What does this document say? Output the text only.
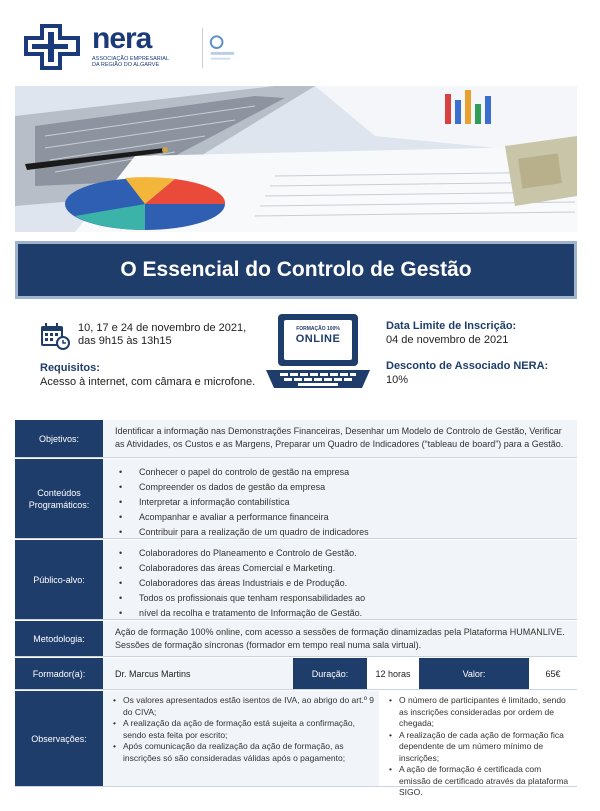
nera
ASSOCIAÇÃO EMPRESARIAL
DA REGIÃO DO ALGARVE
O Essencial do Controlo de Gestão
10, 17 e 24 de novembro de 2021,
das 9h15 às 13h15
Requisitos:
Acesso à internet, com câmara e microfone.
FORMAÇÃO 100%
ONLINE
Data Limite de Inscrição:
04 de novembro de 2021
Desconto de Associado NERA:
10%
Objetivos:

Identificar a informação nas Demonstrações Financeiras, Desenhar um Modelo de Controlo de Gestão, Verificar as Atividades, os Custos e as Margens, Preparar um Quadro de Indicadores (“tableau de board”) para a Gestão.

Conteúdos
Programáticos:
• Conhecer o papel do controlo de gestão na empresa
• Compreender os dados de gestão da empresa
• Interpretar a informação contabilística
• Acompanhar e avaliar a performance financeira
• Contribuir para a realização de um quadro de indicadores
Público-alvo:
• Colaboradores do Planeamento e Controlo de Gestão.
• Colaboradores das áreas Comercial e Marketing.
• Colaboradores das áreas Industriais e de Produção.
• Todos os profissionais que tenham responsabilidades ao
• nível da recolha e tratamento de Informação de Gestão.
Metodologia:

Ação de formação 100% online, com acesso a sessões de formação dinamizadas pela Plataforma HUMANLIVE.
Sessões de formação síncronas (formador em tempo real numa sala virtual).

Formador(a):	Dr. Marcus Martins	Duração:	12 horas	Valor:	65€
Observações:
• Os valores apresentados estão isentos de IVA, ao abrigo do art.º 9 do CIVA;
• A realização da ação de formação está sujeita a confirmação, sendo esta feita por escrito;
• Após comunicação da realização da ação de formação, as inscrições só são consideradas válidas após o pagamento;
• O número de participantes é limitado, sendo as inscrições consideradas por ordem de chegada;
• A realização de cada ação de formação fica dependente de um número mínimo de inscrições;
• A ação de formação é certificada com emissão de certificado através da plataforma SIGO.
